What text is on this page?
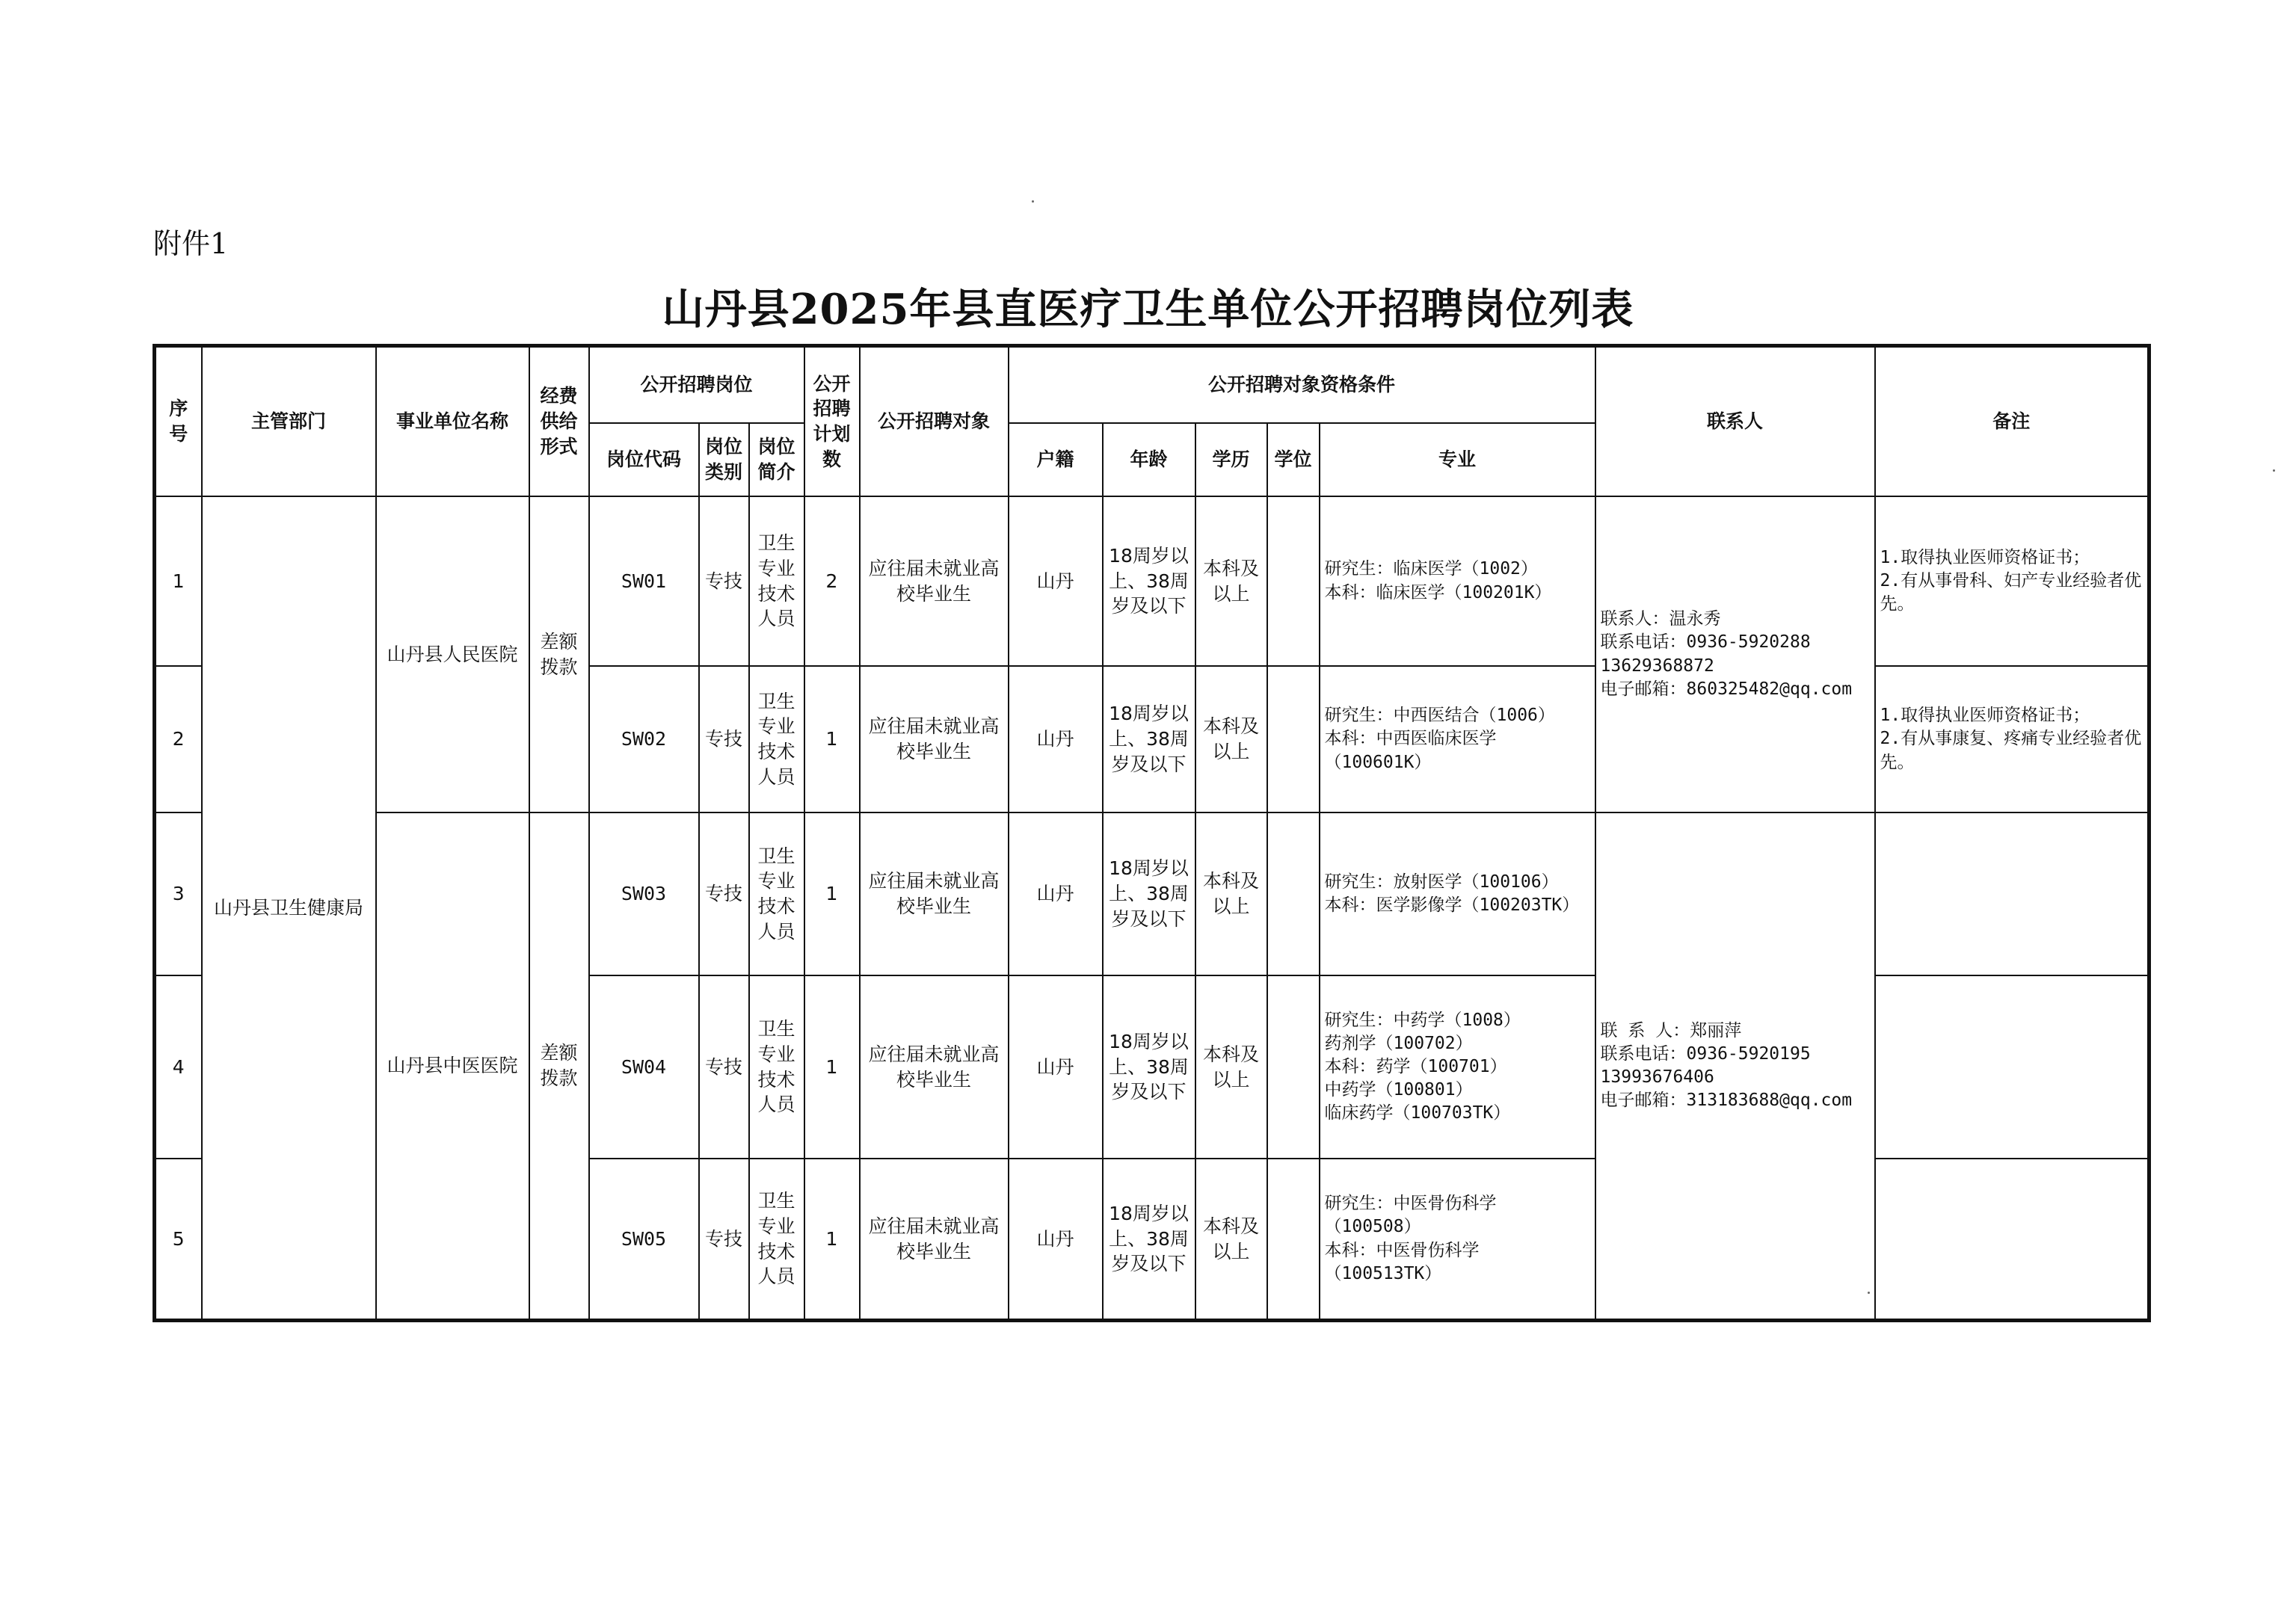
附件1
山丹县2025年县直医疗卫生单位公开招聘岗位列表
序号	主管部门	事业单位名称	经费供给形式	公开招聘岗位			公开招聘计划数	公开招聘对象	公开招聘对象资格条件					联系人	备注
				岗位代码	岗位类别	岗位简介			户籍	年龄	学历	学位	专业		
1	山丹县卫生健康局	山丹县人民医院	差额拨款	SW01	专技	卫生专业技术人员	2	应往届未就业高校毕业生	山丹	18周岁以上、38周岁及以下	本科及以上		研究生：临床医学（1002）
本科：临床医学（100201K）	联系人：温永秀
联系电话：0936-5920288
13629368872
电子邮箱：860325482@qq.com	1.取得执业医师资格证书；
2.有从事骨科、妇产专业经验者优先。
2				SW02	专技	卫生专业技术人员	1	应往届未就业高校毕业生	山丹	18周岁以上、38周岁及以下	本科及以上		研究生：中西医结合（1006）
本科：中西医临床医学
（100601K）		1.取得执业医师资格证书；
2.有从事康复、疼痛专业经验者优先。
3		山丹县中医医院	差额拨款	SW03	专技	卫生专业技术人员	1	应往届未就业高校毕业生	山丹	18周岁以上、38周岁及以下	本科及以上		研究生：放射医学（100106）
本科：医学影像学（100203TK）	联 系 人：郑丽萍
联系电话：0936-5920195
13993676406
电子邮箱：313183688@qq.com	
4				SW04	专技	卫生专业技术人员	1	应往届未就业高校毕业生	山丹	18周岁以上、38周岁及以下	本科及以上		研究生：中药学（1008）
药剂学（100702）
本科：药学（100701）
中药学（100801）
临床药学（100703TK）		
5				SW05	专技	卫生专业技术人员	1	应往届未就业高校毕业生	山丹	18周岁以上、38周岁及以下	本科及以上		研究生：中医骨伤科学
（100508）
本科：中医骨伤科学
（100513TK）		
